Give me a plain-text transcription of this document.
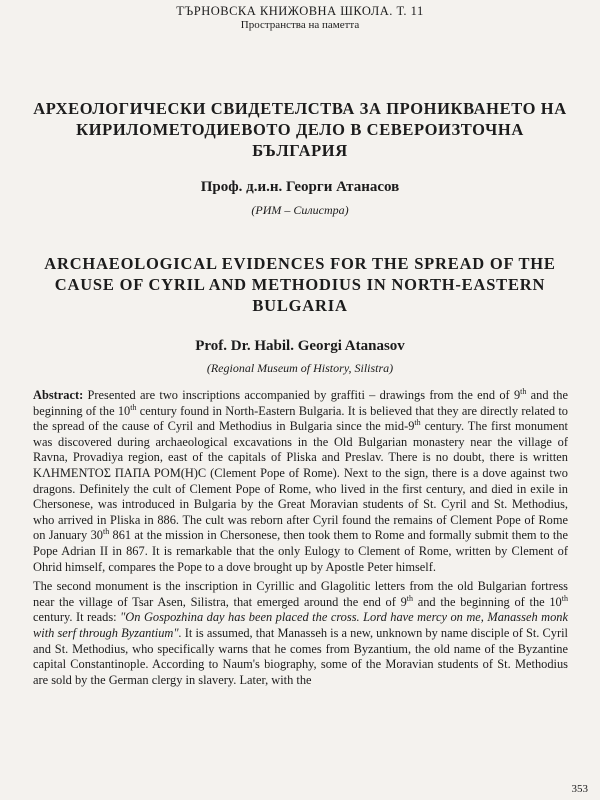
ТЪРНОВСКА КНИЖОВНА ШКОЛА. Т. 11
Пространства на паметта
АРХЕОЛОГИЧЕСКИ СВИДЕТЕЛСТВА ЗА ПРОНИКВАНЕТО НА КИРИЛОМЕТОДИЕВОТО ДЕЛО В СЕВЕРОИЗТОЧНА БЪЛГАРИЯ
Проф. д.и.н. Георги Атанасов
(РИМ – Силистра)
ARCHAEOLOGICAL EVIDENCES FOR THE SPREAD OF THE CAUSE OF CYRIL AND METHODIUS IN NORTH-EASTERN BULGARIA
Prof. Dr. Habil. Georgi Atanasov
(Regional Museum of History, Silistra)

Abstract: Presented are two inscriptions accompanied by graffiti – drawings from the end of 9th and the beginning of the 10th century found in North-Eastern Bulgaria. It is believed that they are directly related to the spread of the cause of Cyril and Methodius in Bulgaria since the mid-9th century. The first monument was discovered during archaeological excavations in the Old Bulgarian monastery near the village of Ravna, Provadiya region, east of the capitals of Pliska and Preslav. There is no doubt, there is written ΚΛΗΜΕΝΤΟΣ ΠΑΠΑ ΡΟΜ(Η)C (Clement Pope of Rome). Next to the sign, there is a dove against two dragons. Definitely the cult of Clement Pope of Rome, who lived in the first century, and died in exile in Chersonese, was introduced in Bulgaria by the Great Moravian students of St. Cyril and St. Methodius, who arrived in Pliska in 886. The cult was reborn after Cyril found the remains of Clement Pope of Rome on January 30th 861 at the mission in Chersonese, then took them to Rome and formally submit them to the Pope Adrian II in 867. It is remarkable that the only Eulogy to Clement of Rome, written by Clement of Ohrid himself, compares the Pope to a dove brought up by Apostle Peter himself.

The second monument is the inscription in Cyrillic and Glagolitic letters from the old Bulgarian fortress near the village of Tsar Asen, Silistra, that emerged around the end of 9th and the beginning of the 10th century. It reads: "On Gospozhina day has been placed the cross. Lord have mercy on me, Manasseh monk with serf through Byzantium". It is assumed, that Manasseh is a new, unknown by name disciple of St. Cyril and St. Methodius, who specifically warns that he comes from Byzantium, the old name of the Byzantine capital Constantinople. According to Naum's biography, some of the Moravian students of St. Methodius are sold by the German clergy in slavery. Later, with the

353
